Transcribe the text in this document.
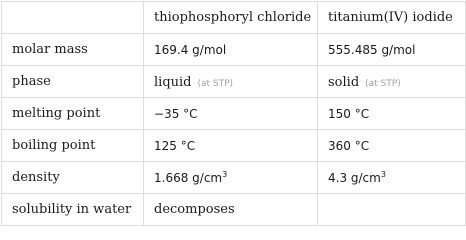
	thiophosphoryl chloride	titanium(IV) iodide
molar mass	169.4 g/mol	555.485 g/mol
phase	liquid (at STP)	solid (at STP)
melting point	−35 °C	150 °C
boiling point	125 °C	360 °C
density	1.668 $g/cm^3$	4.3 $g/cm^3$
solubility in water	decomposes	
